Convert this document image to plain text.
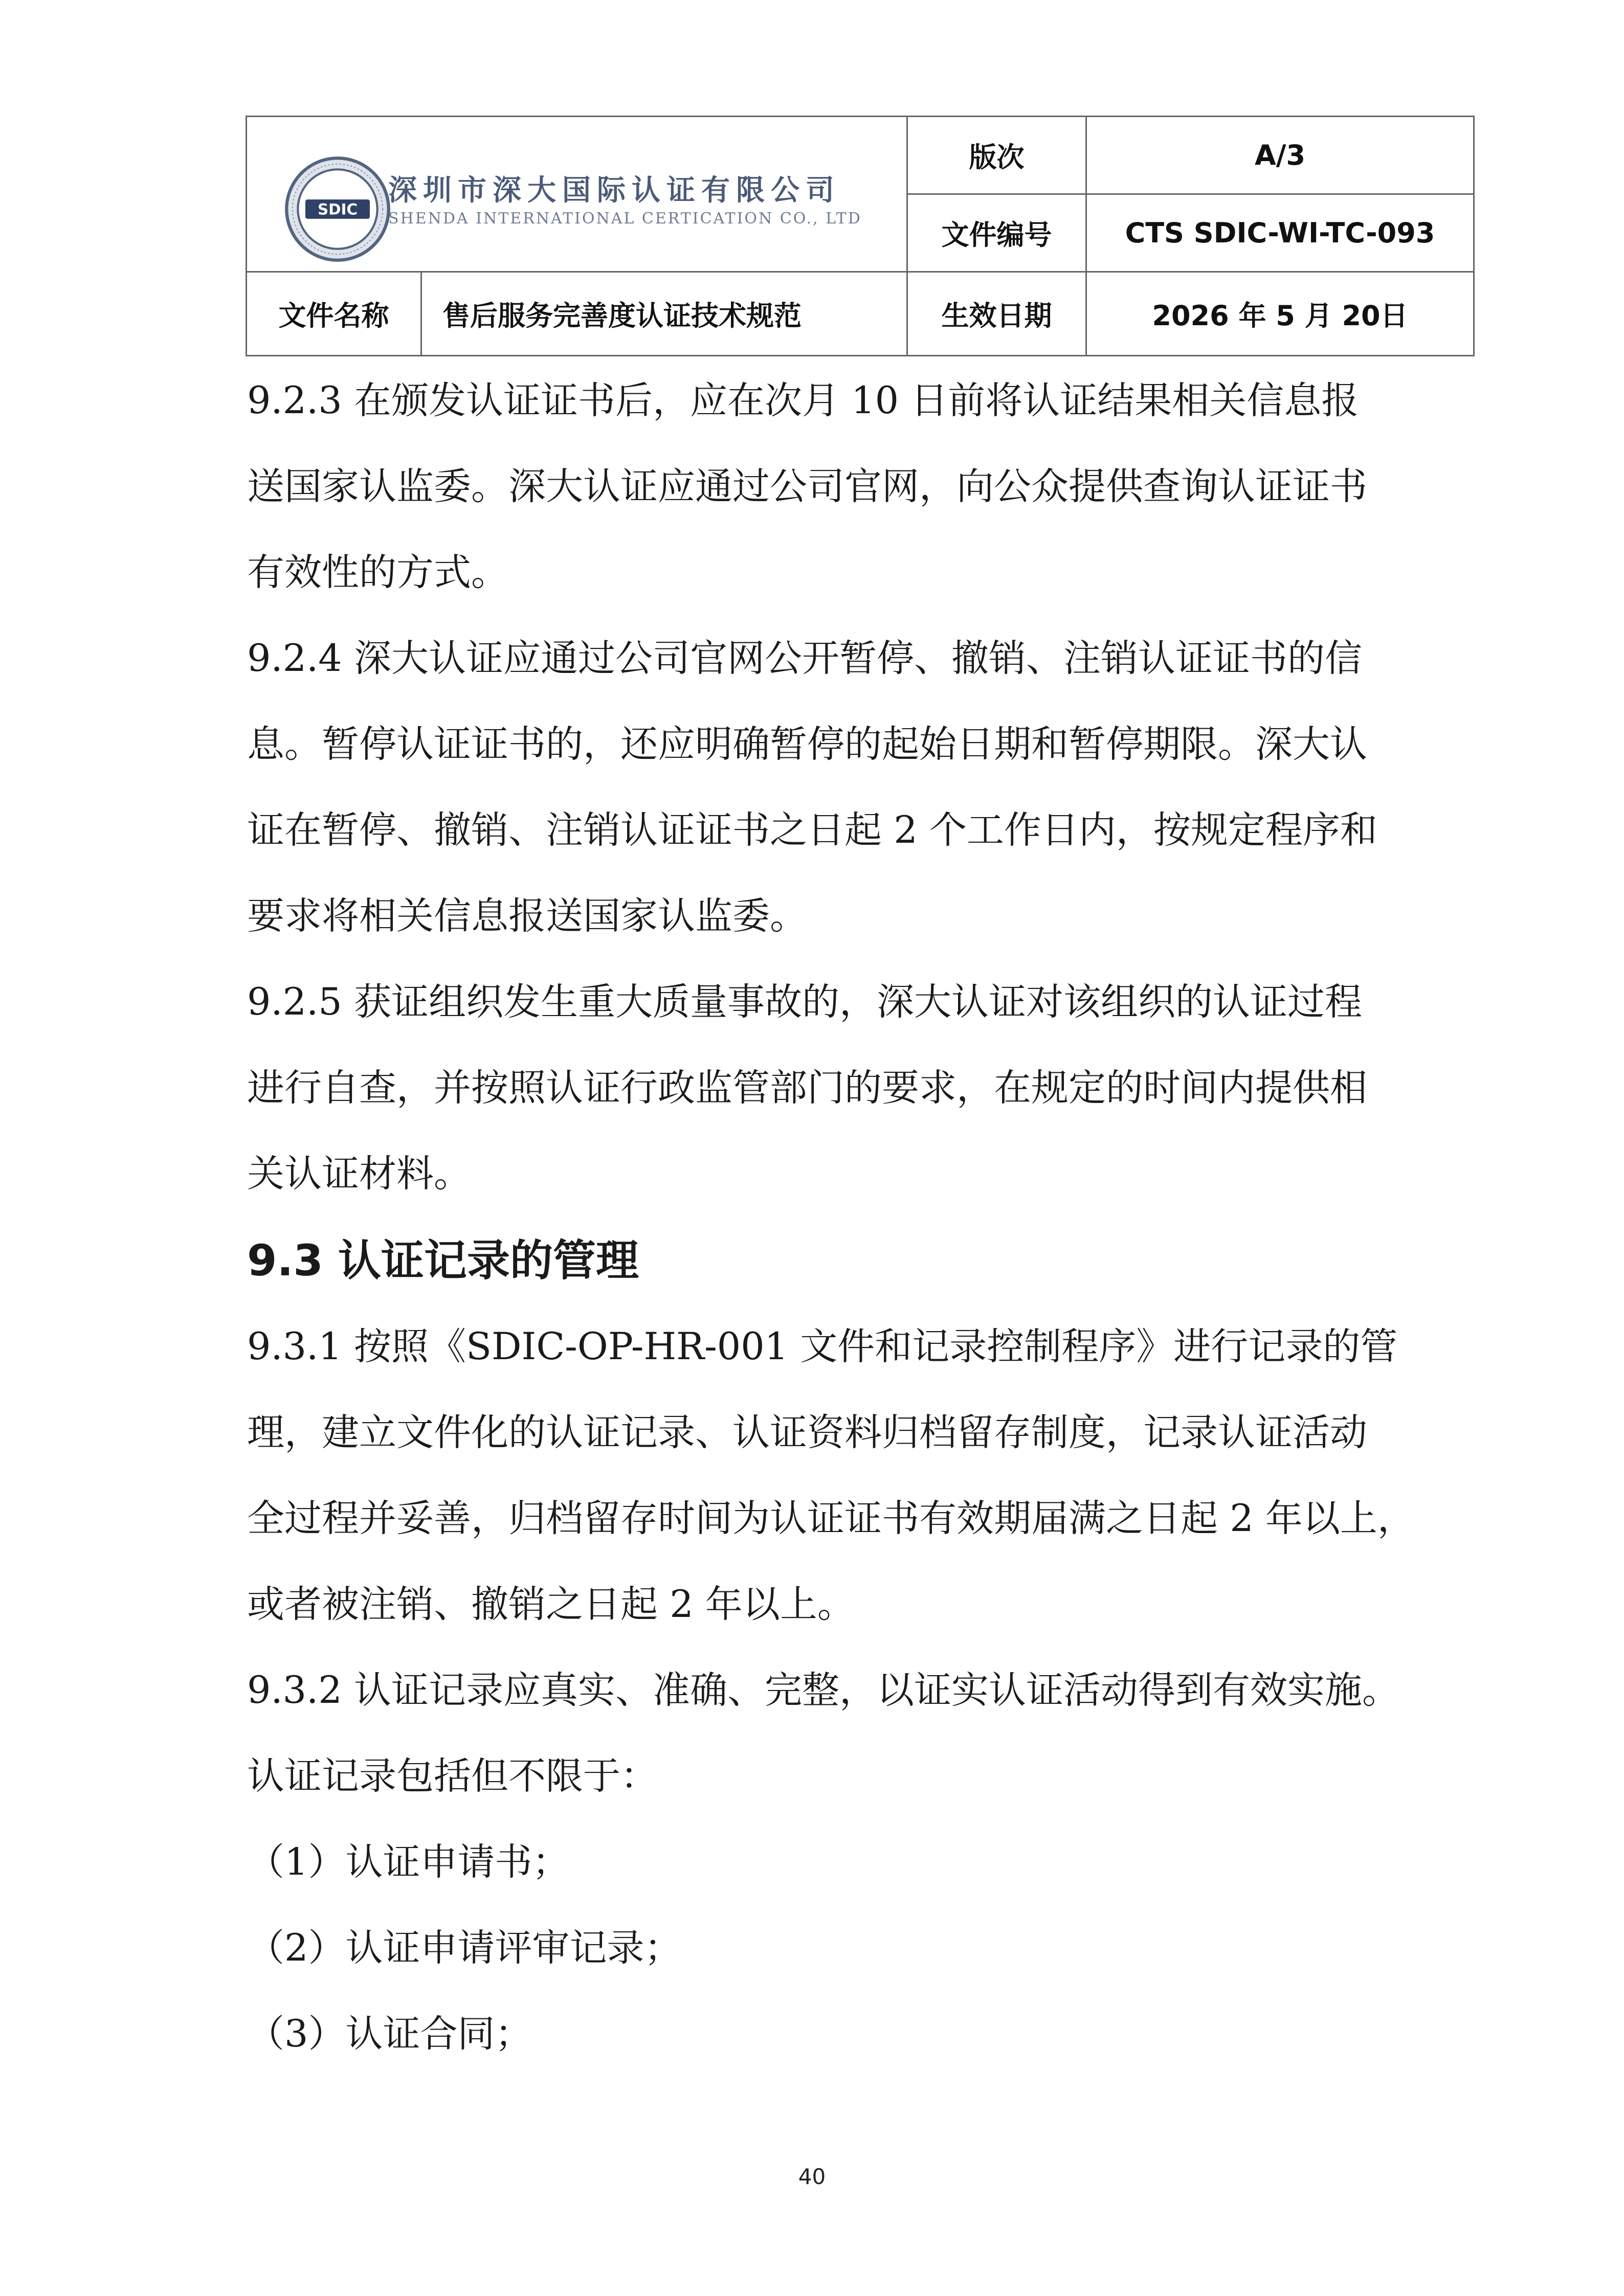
SDIC
深圳市深大国际认证有限公司
SHENDA INTERNATIONAL CERTICATION CO., LTD		版次	A/3
		文件编号	CTS SDIC-WI-TC-093
文件名称	售后服务完善度认证技术规范	生效日期	2026 年 5 月 20日

9.2.3 在颁发认证证书后，应在次月 10 日前将认证结果相关信息报

送国家认监委。深大认证应通过公司官网，向公众提供查询认证证书

有效性的方式。

9.2.4 深大认证应通过公司官网公开暂停、撤销、注销认证证书的信

息。暂停认证证书的，还应明确暂停的起始日期和暂停期限。深大认

证在暂停、撤销、注销认证证书之日起 2 个工作日内，按规定程序和

要求将相关信息报送国家认监委。

9.2.5 获证组织发生重大质量事故的，深大认证对该组织的认证过程

进行自查，并按照认证行政监管部门的要求，在规定的时间内提供相

关认证材料。

9.3 认证记录的管理

9.3.1 按照《SDIC-OP-HR-001 文件和记录控制程序》进行记录的管

理，建立文件化的认证记录、认证资料归档留存制度，记录认证活动

全过程并妥善，归档留存时间为认证证书有效期届满之日起 2 年以上，

或者被注销、撤销之日起 2 年以上。

9.3.2 认证记录应真实、准确、完整，以证实认证活动得到有效实施。

认证记录包括但不限于：

（1）认证申请书；

（2）认证申请评审记录；

（3）认证合同；

40
